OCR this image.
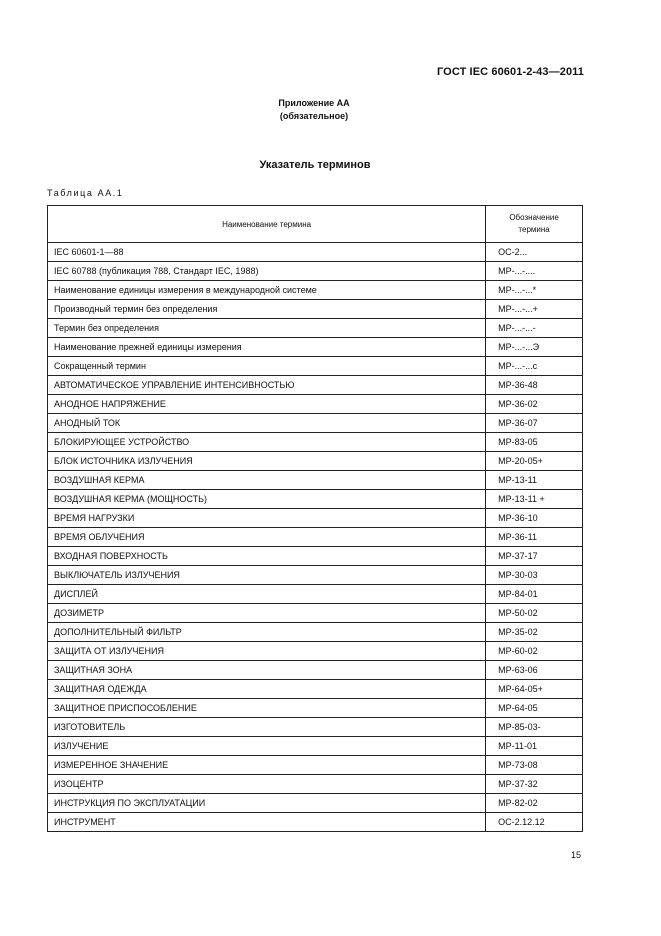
ГОСТ IEC 60601-2-43—2011
Приложение АА
(обязательное)
Указатель терминов
Таблица АА.1
Наименование термина	Обозначение
термина
IEC 60601-1—88	ОС-2...
IEC 60788 (публикация 788, Стандарт IEC, 1988)	МР-...-....
Наименование единицы измерения в международной системе	МР-...-...*
Производный термин без определения	МР-...-...+
Термин без определения	МР-...-...-
Наименование прежней единицы измерения	МР-...-...Э
Сокращенный термин	МР-...-...с
АВТОМАТИЧЕСКОЕ УПРАВЛЕНИЕ ИНТЕНСИВНОСТЬЮ	МР-36-48
АНОДНОЕ НАПРЯЖЕНИЕ	МР-36-02
АНОДНЫЙ ТОК	МР-36-07
БЛОКИРУЮЩЕЕ УСТРОЙСТВО	МР-83-05
БЛОК ИСТОЧНИКА ИЗЛУЧЕНИЯ	МР-20-05+
ВОЗДУШНАЯ КЕРМА	МР-13-11
ВОЗДУШНАЯ КЕРМА (МОЩНОСТЬ)	МР-13-11 +
ВРЕМЯ НАГРУЗКИ	МР-36-10
ВРЕМЯ ОБЛУЧЕНИЯ	МР-36-11
ВХОДНАЯ ПОВЕРХНОСТЬ	МР-37-17
ВЫКЛЮЧАТЕЛЬ ИЗЛУЧЕНИЯ	МР-30-03
ДИСПЛЕЙ	МР-84-01
ДОЗИМЕТР	МР-50-02
ДОПОЛНИТЕЛЬНЫЙ ФИЛЬТР	МР-35-02
ЗАЩИТА ОТ ИЗЛУЧЕНИЯ	МР-60-02
ЗАЩИТНАЯ ЗОНА	МР-63-06
ЗАЩИТНАЯ ОДЕЖДА	МР-64-05+
ЗАЩИТНОЕ ПРИСПОСОБЛЕНИЕ	МР-64-05
ИЗГОТОВИТЕЛЬ	МР-85-03-
ИЗЛУЧЕНИЕ	МР-11-01
ИЗМЕРЕННОЕ ЗНАЧЕНИЕ	МР-73-08
ИЗОЦЕНТР	МР-37-32
ИНСТРУКЦИЯ ПО ЭКСПЛУАТАЦИИ	МР-82-02
ИНСТРУМЕНТ	ОС-2.12.12
15
